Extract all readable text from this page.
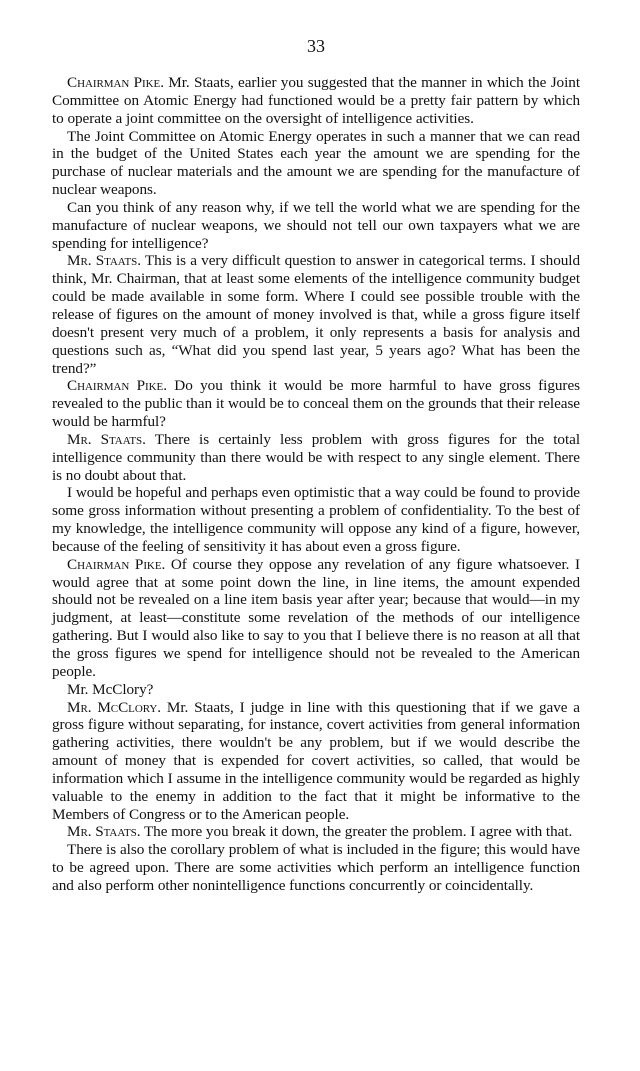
33

Chairman Pike. Mr. Staats, earlier you suggested that the manner in which the Joint Committee on Atomic Energy had functioned would be a pretty fair pattern by which to operate a joint committee on the oversight of intelligence activities.

The Joint Committee on Atomic Energy operates in such a manner that we can read in the budget of the United States each year the amount we are spending for the purchase of nuclear materials and the amount we are spending for the manufacture of nuclear weapons.

Can you think of any reason why, if we tell the world what we are spending for the manufacture of nuclear weapons, we should not tell our own taxpayers what we are spending for intelligence?

Mr. Staats. This is a very difficult question to answer in categorical terms. I should think, Mr. Chairman, that at least some elements of the intelligence community budget could be made available in some form. Where I could see possible trouble with the release of figures on the amount of money involved is that, while a gross figure itself doesn't present very much of a problem, it only represents a basis for analysis and questions such as, “What did you spend last year, 5 years ago? What has been the trend?”

Chairman Pike. Do you think it would be more harmful to have gross figures revealed to the public than it would be to conceal them on the grounds that their release would be harmful?

Mr. Staats. There is certainly less problem with gross figures for the total intelligence community than there would be with respect to any single element. There is no doubt about that.

I would be hopeful and perhaps even optimistic that a way could be found to provide some gross information without presenting a problem of confidentiality. To the best of my knowledge, the intelligence community will oppose any kind of a figure, however, because of the feeling of sensitivity it has about even a gross figure.

Chairman Pike. Of course they oppose any revelation of any figure whatsoever. I would agree that at some point down the line, in line items, the amount expended should not be revealed on a line item basis year after year; because that would—in my judgment, at least—constitute some revelation of the methods of our intelligence gathering. But I would also like to say to you that I believe there is no reason at all that the gross figures we spend for intelligence should not be revealed to the American people.

Mr. McClory?

Mr. McClory. Mr. Staats, I judge in line with this questioning that if we gave a gross figure without separating, for instance, covert activities from general information gathering activities, there wouldn't be any problem, but if we would describe the amount of money that is expended for covert activities, so called, that would be information which I assume in the intelligence community would be regarded as highly valuable to the enemy in addition to the fact that it might be informative to the Members of Congress or to the American people.

Mr. Staats. The more you break it down, the greater the problem. I agree with that.

There is also the corollary problem of what is included in the figure; this would have to be agreed upon. There are some activities which perform an intelligence function and also perform other nonintelligence functions concurrently or coincidentally.
